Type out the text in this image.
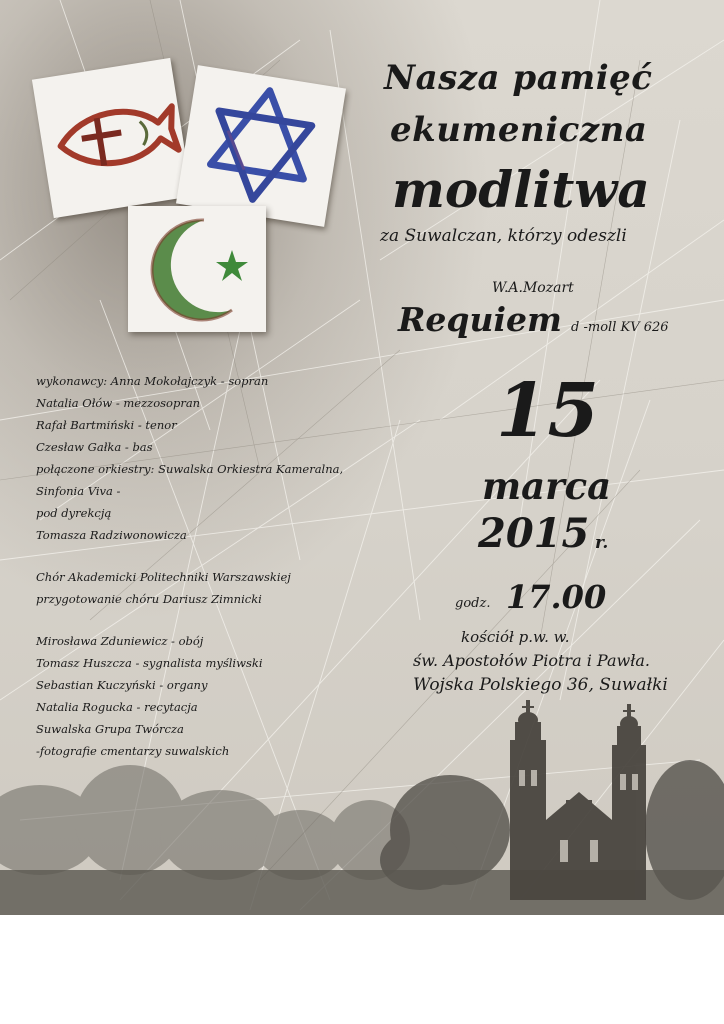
Nasza pamięć
ekumeniczna
modlitwa
za Suwalczan, którzy odeszli
W.A.Mozart
Requiem d -moll KV 626
15
marca
2015 r.
godz. 17.00
kościół p.w. w.
św. Apostołów Piotra i Pawła.
Wojska Polskiego 36, Suwałki
wykonawcy: Anna Mokołajczyk - sopran
Natalia Ołów - mezzosopran
Rafał Bartmiński - tenor
Czesław Gałka - bas
połączone orkiestry: Suwalska Orkiestra Kameralna,
Sinfonia Viva -
pod dyrekcją
Tomasza Radziwonowicza
Chór Akademicki Politechniki Warszawskiej
przygotowanie chóru Dariusz Zimnicki
Mirosława Zduniewicz - obój
Tomasz Huszcza - sygnalista myśliwski
Sebastian Kuczyński - organy
Natalia Rogucka - recytacja
Suwalska Grupa Twórcza
-fotografie cmentarzy suwalskich
